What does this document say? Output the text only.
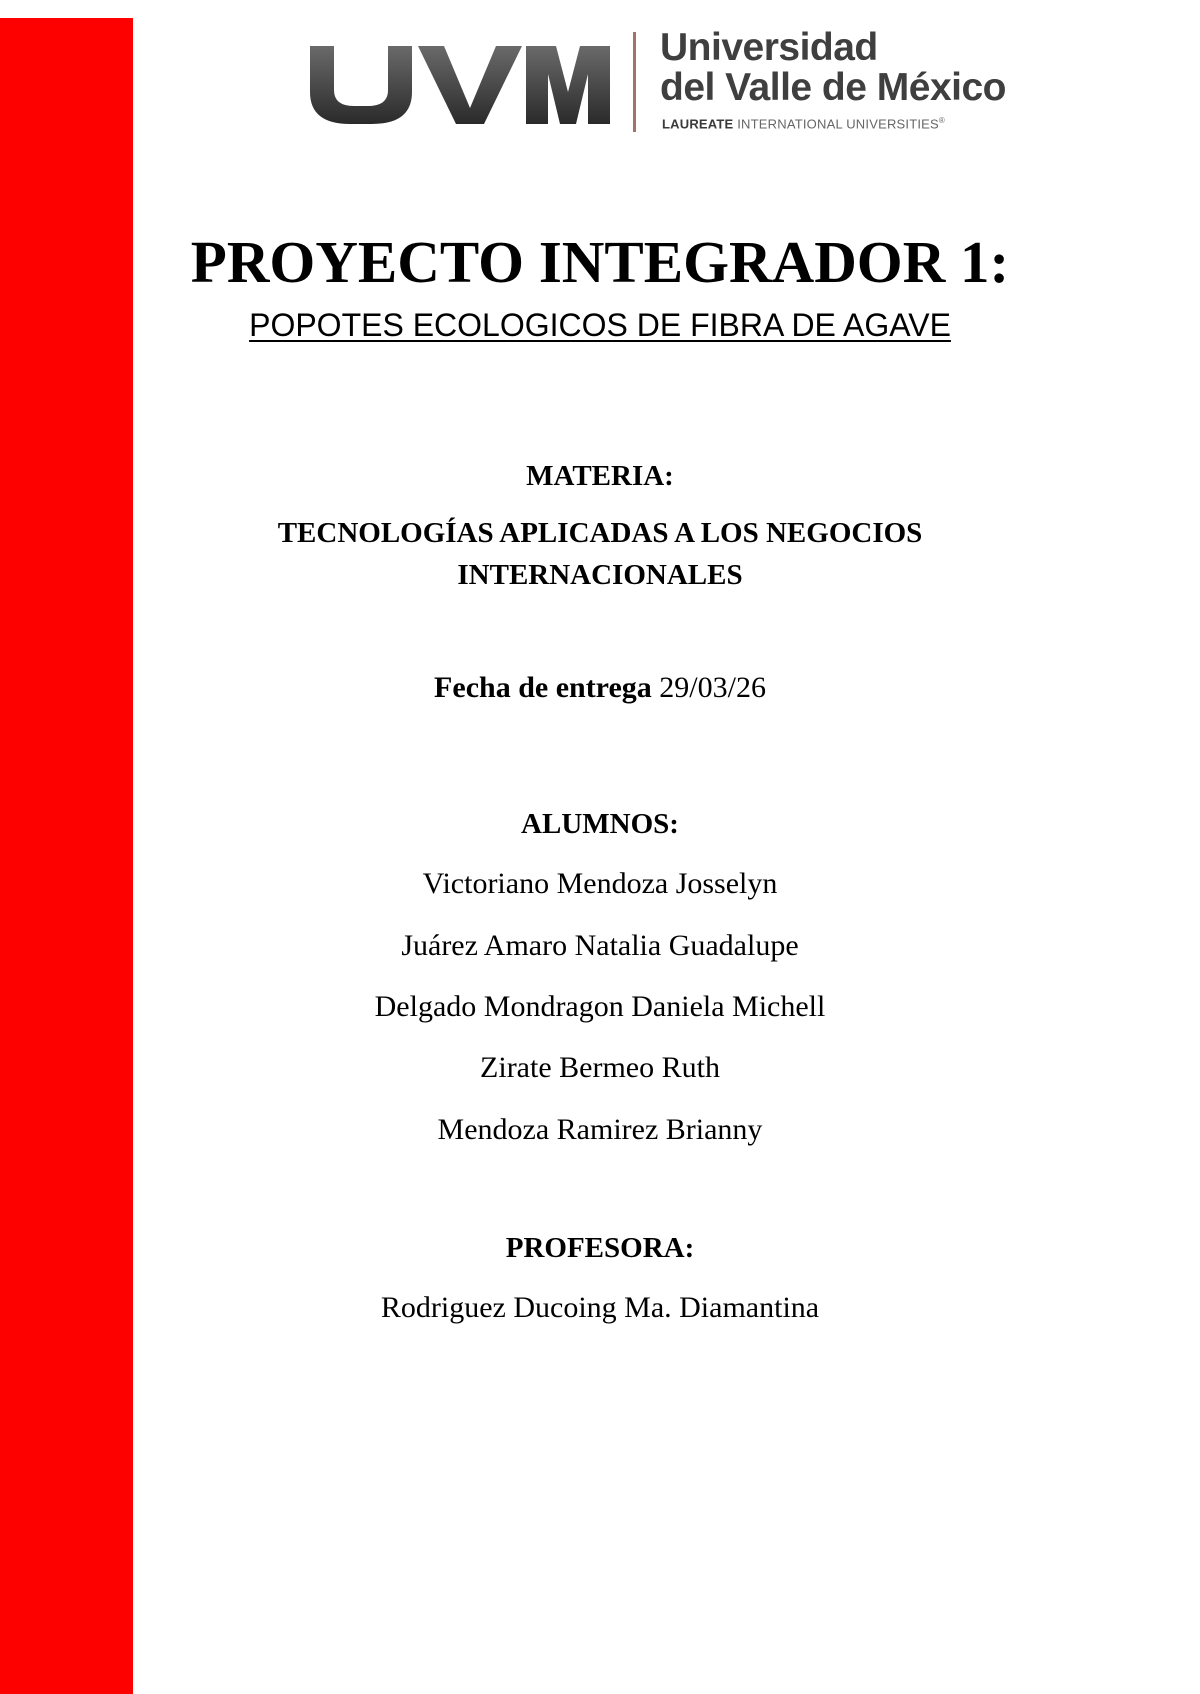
Universidad
del Valle de México
LAUREATE INTERNATIONAL UNIVERSITIES®
PROYECTO INTEGRADOR 1:
POPOTES ECOLOGICOS DE FIBRA DE AGAVE
MATERIA:
TECNOLOGÍAS APLICADAS A LOS NEGOCIOS
INTERNACIONALES
Fecha de entrega 29/03/26
ALUMNOS:
Victoriano Mendoza Josselyn
Juárez Amaro Natalia Guadalupe
Delgado Mondragon Daniela Michell
Zirate Bermeo Ruth
Mendoza Ramirez Brianny
PROFESORA:
Rodriguez Ducoing Ma. Diamantina
